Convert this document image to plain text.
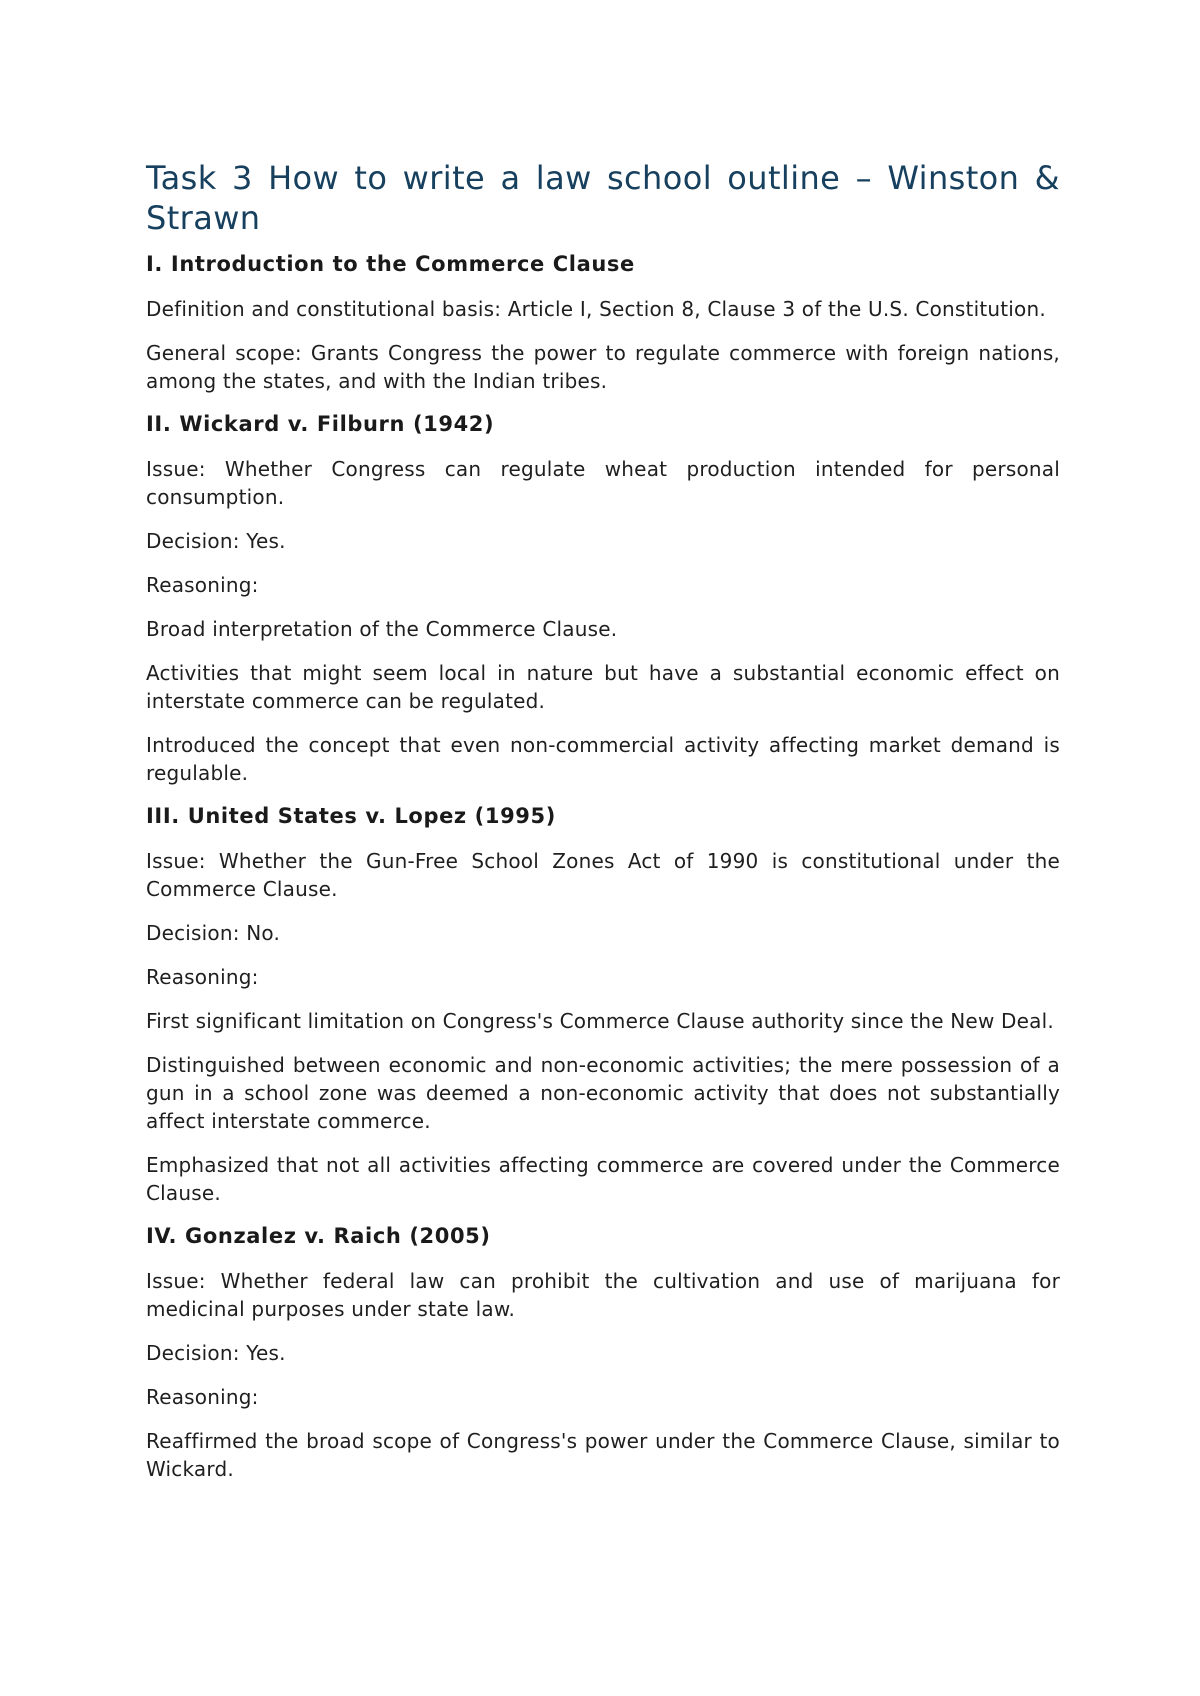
Task 3 How to write a law school outline – Winston & Strawn
I. Introduction to the Commerce Clause

Definition and constitutional basis: Article I, Section 8, Clause 3 of the U.S. Constitution.

General scope: Grants Congress the power to regulate commerce with foreign nations, among the states, and with the Indian tribes.

II. Wickard v. Filburn (1942)

Issue: Whether Congress can regulate wheat production intended for personal consumption.

Decision: Yes.

Reasoning:

Broad interpretation of the Commerce Clause.

Activities that might seem local in nature but have a substantial economic effect on interstate commerce can be regulated.

Introduced the concept that even non-commercial activity affecting market demand is regulable.

III. United States v. Lopez (1995)

Issue: Whether the Gun-Free School Zones Act of 1990 is constitutional under the Commerce Clause.

Decision: No.

Reasoning:

First significant limitation on Congress's Commerce Clause authority since the New Deal.

Distinguished between economic and non-economic activities; the mere possession of a gun in a school zone was deemed a non-economic activity that does not substantially affect interstate commerce.

Emphasized that not all activities affecting commerce are covered under the Commerce Clause.

IV. Gonzalez v. Raich (2005)

Issue: Whether federal law can prohibit the cultivation and use of marijuana for medicinal purposes under state law.

Decision: Yes.

Reasoning:

Reaffirmed the broad scope of Congress's power under the Commerce Clause, similar to Wickard.
